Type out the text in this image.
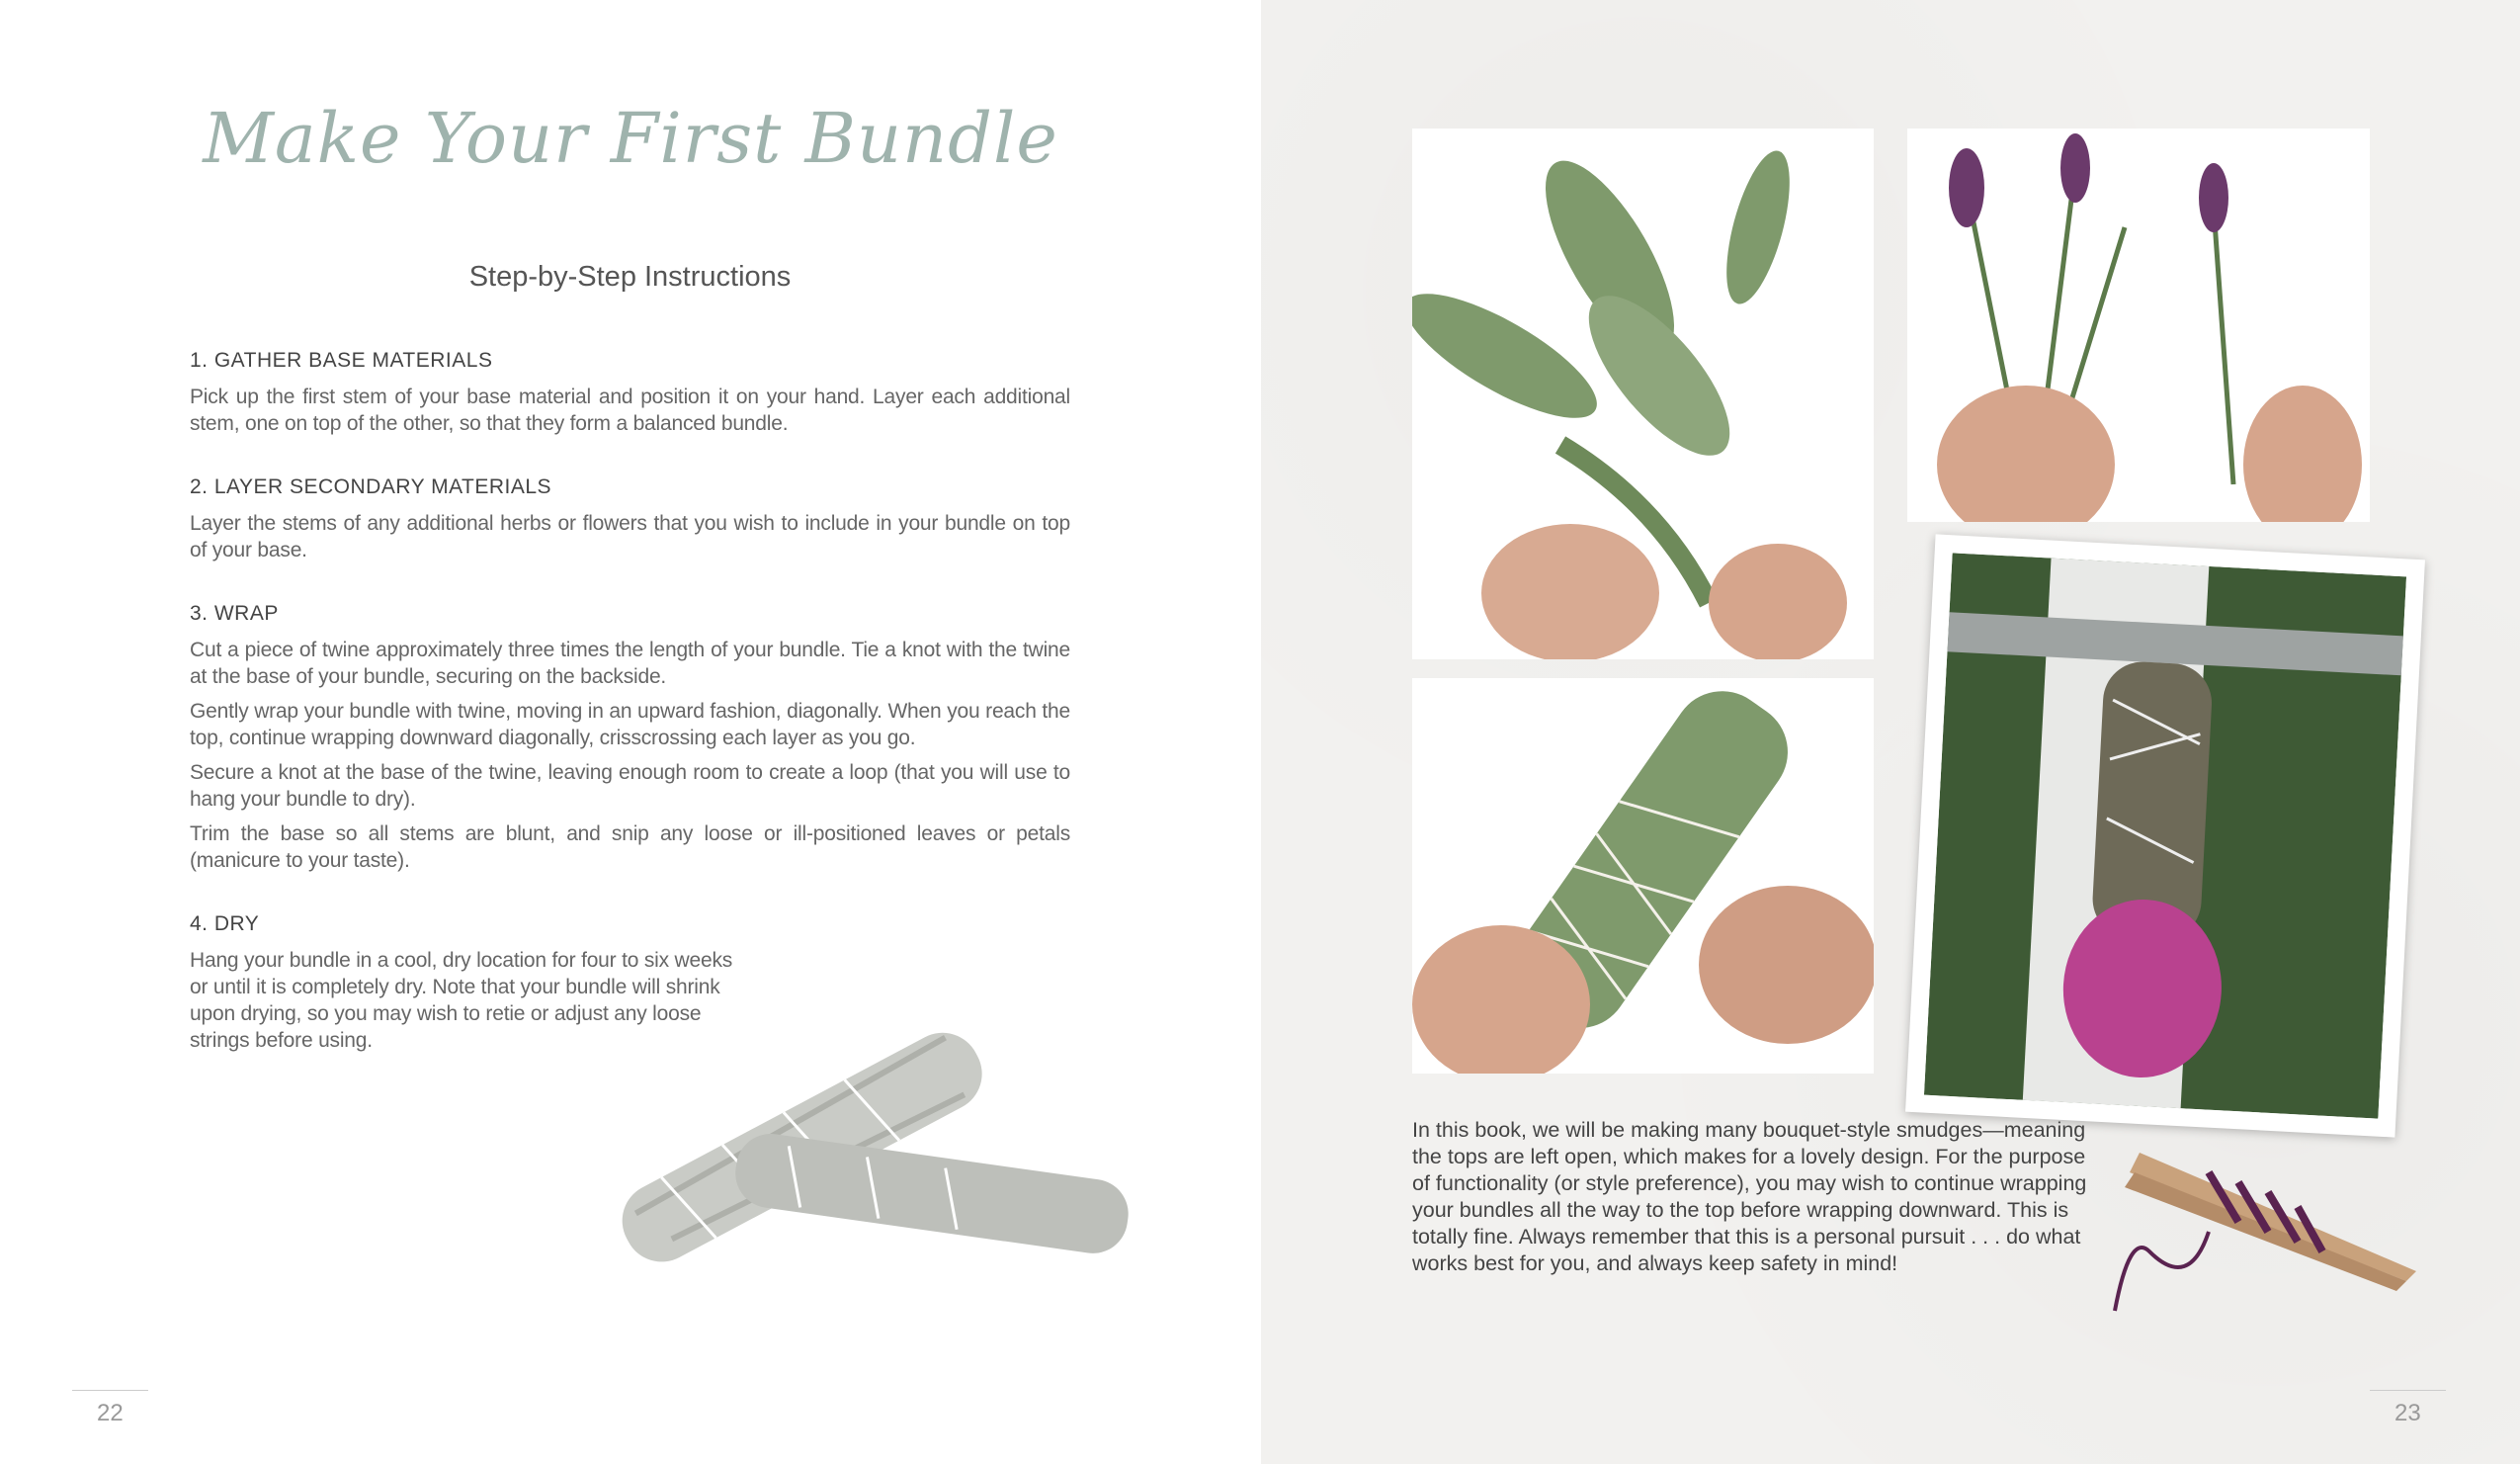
Make Your First Bundle
Step-by-Step Instructions
1. GATHER BASE MATERIALS

Pick up the first stem of your base material and position it on your hand. Layer each additional stem, one on top of the other, so that they form a balanced bundle.

2. LAYER SECONDARY MATERIALS

Layer the stems of any additional herbs or flowers that you wish to include in your bundle on top of your base.

3. WRAP

Cut a piece of twine approximately three times the length of your bundle. Tie a knot with the twine at the base of your bundle, securing on the backside.

Gently wrap your bundle with twine, moving in an upward fashion, diagonally. When you reach the top, continue wrapping downward diagonally, crisscrossing each layer as you go.

Secure a knot at the base of the twine, leaving enough room to create a loop (that you will use to hang your bundle to dry).

Trim the base so all stems are blunt, and snip any loose or ill-positioned leaves or petals (manicure to your taste).

4. DRY

Hang your bundle in a cool, dry location for four to six weeks or until it is completely dry. Note that your bundle will shrink upon drying, so you may wish to retie or adjust any loose strings before using.

22
In this book, we will be making many bouquet-style smudges—meaning the tops are left open, which makes for a lovely design. For the purpose of functionality (or style preference), you may wish to continue wrapping your bundles all the way to the top before wrapping downward. This is totally fine. Always remember that this is a personal pursuit . . . do what works best for you, and always keep safety in mind!
23
